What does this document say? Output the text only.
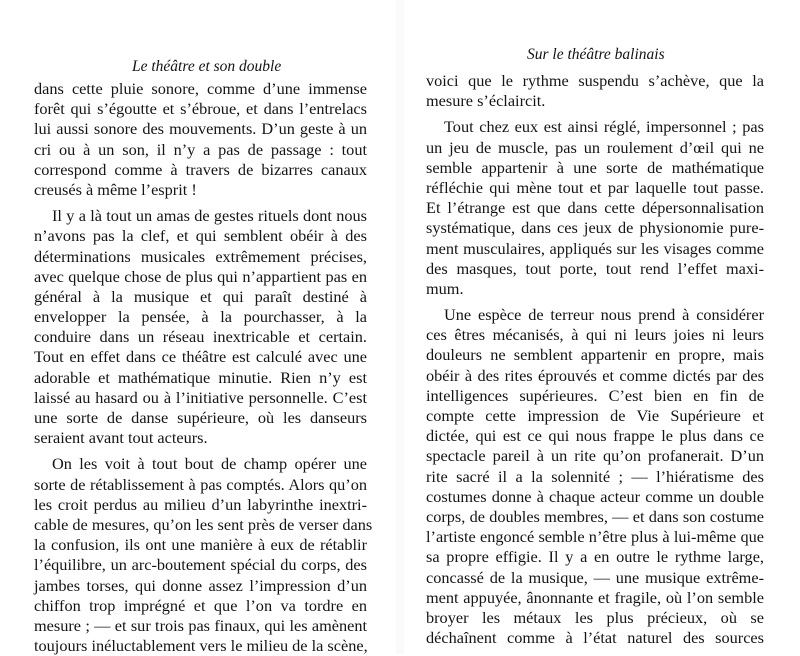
Le théâtre et son double
dans cette pluie sonore, comme d’une immense
forêt qui s’égoutte et s’ébroue, et dans l’entrelacs
lui aussi sonore des mouvements. D’un geste à un
cri ou à un son, il n’y a pas de passage : tout
correspond comme à travers de bizarres canaux
creusés à même l’esprit !
Il y a là tout un amas de gestes rituels dont nous
n’avons pas la clef, et qui semblent obéir à des
déterminations musicales extrêmement précises,
avec quelque chose de plus qui n’appartient pas en
général à la musique et qui paraît destiné à
envelopper la pensée, à la pourchasser, à la
conduire dans un réseau inextricable et certain.
Tout en effet dans ce théâtre est calculé avec une
adorable et mathématique minutie. Rien n’y est
laissé au hasard ou à l’initiative personnelle. C’est
une sorte de danse supérieure, où les danseurs
seraient avant tout acteurs.
On les voit à tout bout de champ opérer une
sorte de rétablissement à pas comptés. Alors qu’on
les croit perdus au milieu d’un labyrinthe inextri-
cable de mesures, qu’on les sent près de verser dans
la confusion, ils ont une manière à eux de rétablir
l’équilibre, un arc-boutement spécial du corps, des
jambes torses, qui donne assez l’impression d’un
chiffon trop imprégné et que l’on va tordre en
mesure ; — et sur trois pas finaux, qui les amènent
toujours inéluctablement vers le milieu de la scène,
Sur le théâtre balinais
voici que le rythme suspendu s’achève, que la
mesure s’éclaircit.
Tout chez eux est ainsi réglé, impersonnel ; pas
un jeu de muscle, pas un roulement d’œil qui ne
semble appartenir à une sorte de mathématique
réfléchie qui mène tout et par laquelle tout passe.
Et l’étrange est que dans cette dépersonnalisation
systématique, dans ces jeux de physionomie pure-
ment musculaires, appliqués sur les visages comme
des masques, tout porte, tout rend l’effet maxi-
mum.
Une espèce de terreur nous prend à considérer
ces êtres mécanisés, à qui ni leurs joies ni leurs
douleurs ne semblent appartenir en propre, mais
obéir à des rites éprouvés et comme dictés par des
intelligences supérieures. C’est bien en fin de
compte cette impression de Vie Supérieure et
dictée, qui est ce qui nous frappe le plus dans ce
spectacle pareil à un rite qu’on profanerait. D’un
rite sacré il a la solennité ; — l’hiératisme des
costumes donne à chaque acteur comme un double
corps, de doubles membres, — et dans son costume
l’artiste engoncé semble n’être plus à lui-même que
sa propre effigie. Il y a en outre le rythme large,
concassé de la musique, — une musique extrême-
ment appuyée, ânonnante et fragile, où l’on semble
broyer les métaux les plus précieux, où se
déchaînent comme à l’état naturel des sources
